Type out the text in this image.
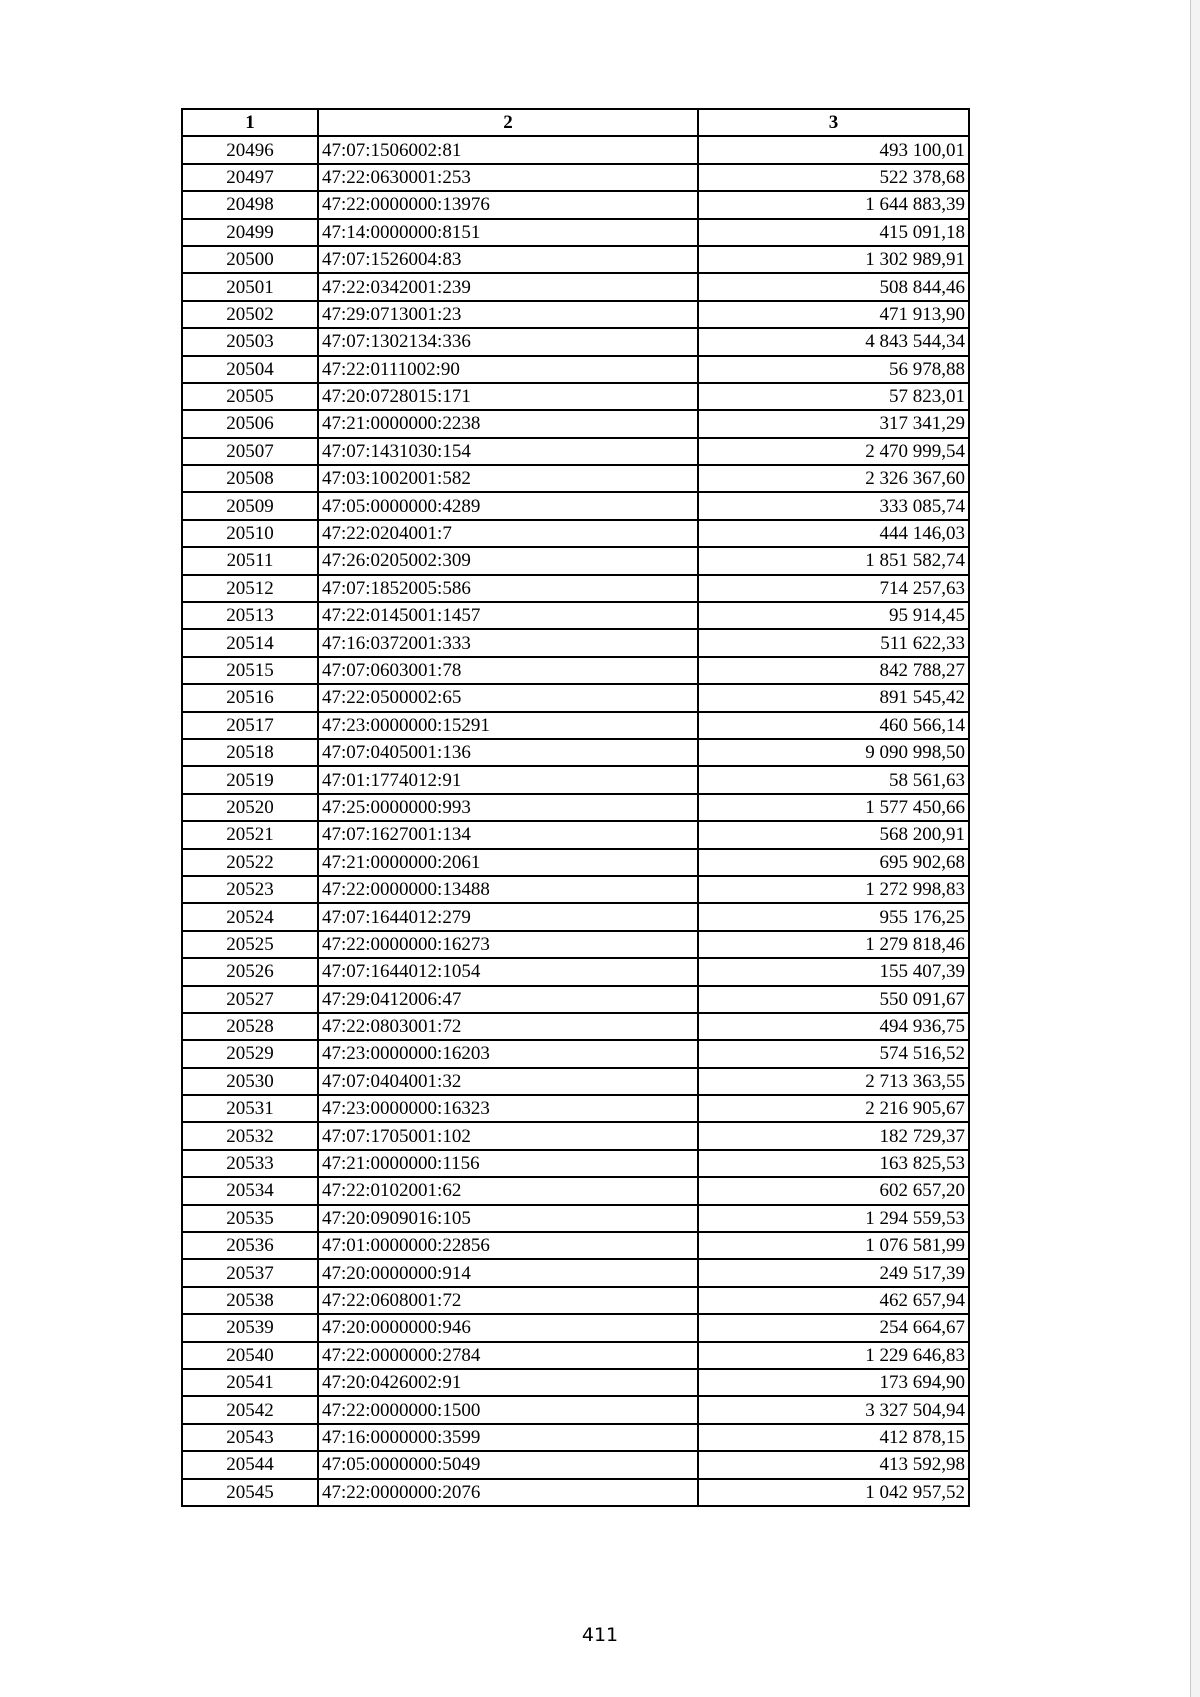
1	2	3
20496	47:07:1506002:81	493 100,01
20497	47:22:0630001:253	522 378,68
20498	47:22:0000000:13976	1 644 883,39
20499	47:14:0000000:8151	415 091,18
20500	47:07:1526004:83	1 302 989,91
20501	47:22:0342001:239	508 844,46
20502	47:29:0713001:23	471 913,90
20503	47:07:1302134:336	4 843 544,34
20504	47:22:0111002:90	56 978,88
20505	47:20:0728015:171	57 823,01
20506	47:21:0000000:2238	317 341,29
20507	47:07:1431030:154	2 470 999,54
20508	47:03:1002001:582	2 326 367,60
20509	47:05:0000000:4289	333 085,74
20510	47:22:0204001:7	444 146,03
20511	47:26:0205002:309	1 851 582,74
20512	47:07:1852005:586	714 257,63
20513	47:22:0145001:1457	95 914,45
20514	47:16:0372001:333	511 622,33
20515	47:07:0603001:78	842 788,27
20516	47:22:0500002:65	891 545,42
20517	47:23:0000000:15291	460 566,14
20518	47:07:0405001:136	9 090 998,50
20519	47:01:1774012:91	58 561,63
20520	47:25:0000000:993	1 577 450,66
20521	47:07:1627001:134	568 200,91
20522	47:21:0000000:2061	695 902,68
20523	47:22:0000000:13488	1 272 998,83
20524	47:07:1644012:279	955 176,25
20525	47:22:0000000:16273	1 279 818,46
20526	47:07:1644012:1054	155 407,39
20527	47:29:0412006:47	550 091,67
20528	47:22:0803001:72	494 936,75
20529	47:23:0000000:16203	574 516,52
20530	47:07:0404001:32	2 713 363,55
20531	47:23:0000000:16323	2 216 905,67
20532	47:07:1705001:102	182 729,37
20533	47:21:0000000:1156	163 825,53
20534	47:22:0102001:62	602 657,20
20535	47:20:0909016:105	1 294 559,53
20536	47:01:0000000:22856	1 076 581,99
20537	47:20:0000000:914	249 517,39
20538	47:22:0608001:72	462 657,94
20539	47:20:0000000:946	254 664,67
20540	47:22:0000000:2784	1 229 646,83
20541	47:20:0426002:91	173 694,90
20542	47:22:0000000:1500	3 327 504,94
20543	47:16:0000000:3599	412 878,15
20544	47:05:0000000:5049	413 592,98
20545	47:22:0000000:2076	1 042 957,52
411
